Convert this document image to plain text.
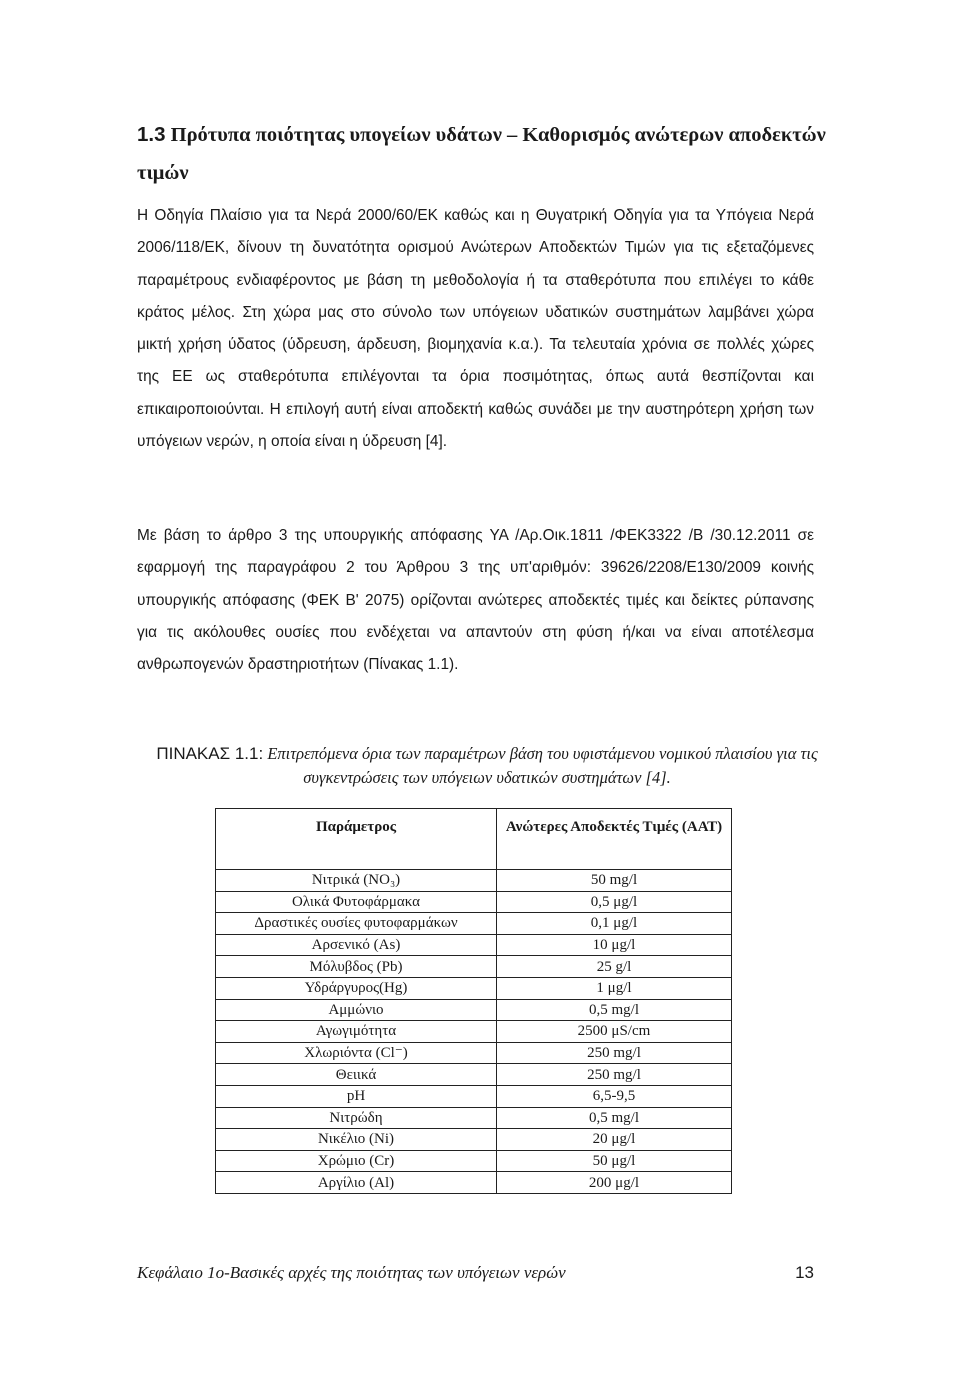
1.3 Πρότυπα ποιότητας υπογείων υδάτων – Καθορισμός ανώτερων αποδεκτών τιμών
Η Οδηγία Πλαίσιο για τα Νερά 2000/60/ΕΚ καθώς και η Θυγατρική Οδηγία για τα Υπόγεια Νερά 2006/118/ΕΚ, δίνουν τη δυνατότητα ορισμού Ανώτερων Αποδεκτών Τιμών για τις εξεταζόμενες παραμέτρους ενδιαφέροντος με βάση τη μεθοδολογία ή τα σταθερότυπα που επιλέγει το κάθε κράτος μέλος. Στη χώρα μας στο σύνολο των υπόγειων υδατικών συστημάτων λαμβάνει χώρα μικτή χρήση ύδατος (ύδρευση, άρδευση, βιομηχανία κ.α.). Τα τελευταία χρόνια σε πολλές χώρες της ΕΕ ως σταθερότυπα επιλέγονται τα όρια ποσιμότητας, όπως αυτά θεσπίζονται και επικαιροποιούνται. Η επιλογή αυτή είναι αποδεκτή καθώς συνάδει με την αυστηρότερη χρήση των υπόγειων νερών, η οποία είναι η ύδρευση [4].
Με βάση το άρθρο 3 της υπουργικής απόφασης ΥΑ /Αρ.Οικ.1811 /ΦΕΚ3322 /Β /30.12.2011 σε εφαρμογή της παραγράφου 2 του Άρθρου 3 της υπ'αριθμόν: 39626/2208/Ε130/2009 κοινής υπουργικής απόφασης (ΦΕΚ Β' 2075) ορίζονται ανώτερες αποδεκτές τιμές και δείκτες ρύπανσης για τις ακόλουθες ουσίες που ενδέχεται να απαντούν στη φύση ή/και να είναι αποτέλεσμα ανθρωπογενών δραστηριοτήτων (Πίνακας 1.1).
ΠΙΝΑΚΑΣ 1.1: Επιτρεπόμενα όρια των παραμέτρων βάση του υφιστάμενου νομικού πλαισίου για τις συγκεντρώσεις των υπόγειων υδατικών συστημάτων [4].
Παράμετρος	Ανώτερες Αποδεκτές Τιμές (ΑΑΤ)
Νιτρικά (NO₃)	50 mg/l
Ολικά Φυτοφάρμακα	0,5 μg/l
Δραστικές ουσίες φυτοφαρμάκων	0,1 μg/l
Αρσενικό (As)	10 μg/l
Μόλυβδος (Pb)	25 g/l
Υδράργυρος(Hg)	1 μg/l
Αμμώνιο	0,5 mg/l
Αγωγιμότητα	2500 μS/cm
Χλωριόντα (Cl⁻)	250 mg/l
Θειικά	250 mg/l
pH	6,5-9,5
Νιτρώδη	0,5 mg/l
Νικέλιο (Ni)	20 μg/l
Χρώμιο (Cr)	50 μg/l
Αργίλιο (Al)	200 μg/l
Κεφάλαιο 1ο-Βασικές αρχές της ποιότητας των υπόγειων νερών	13
